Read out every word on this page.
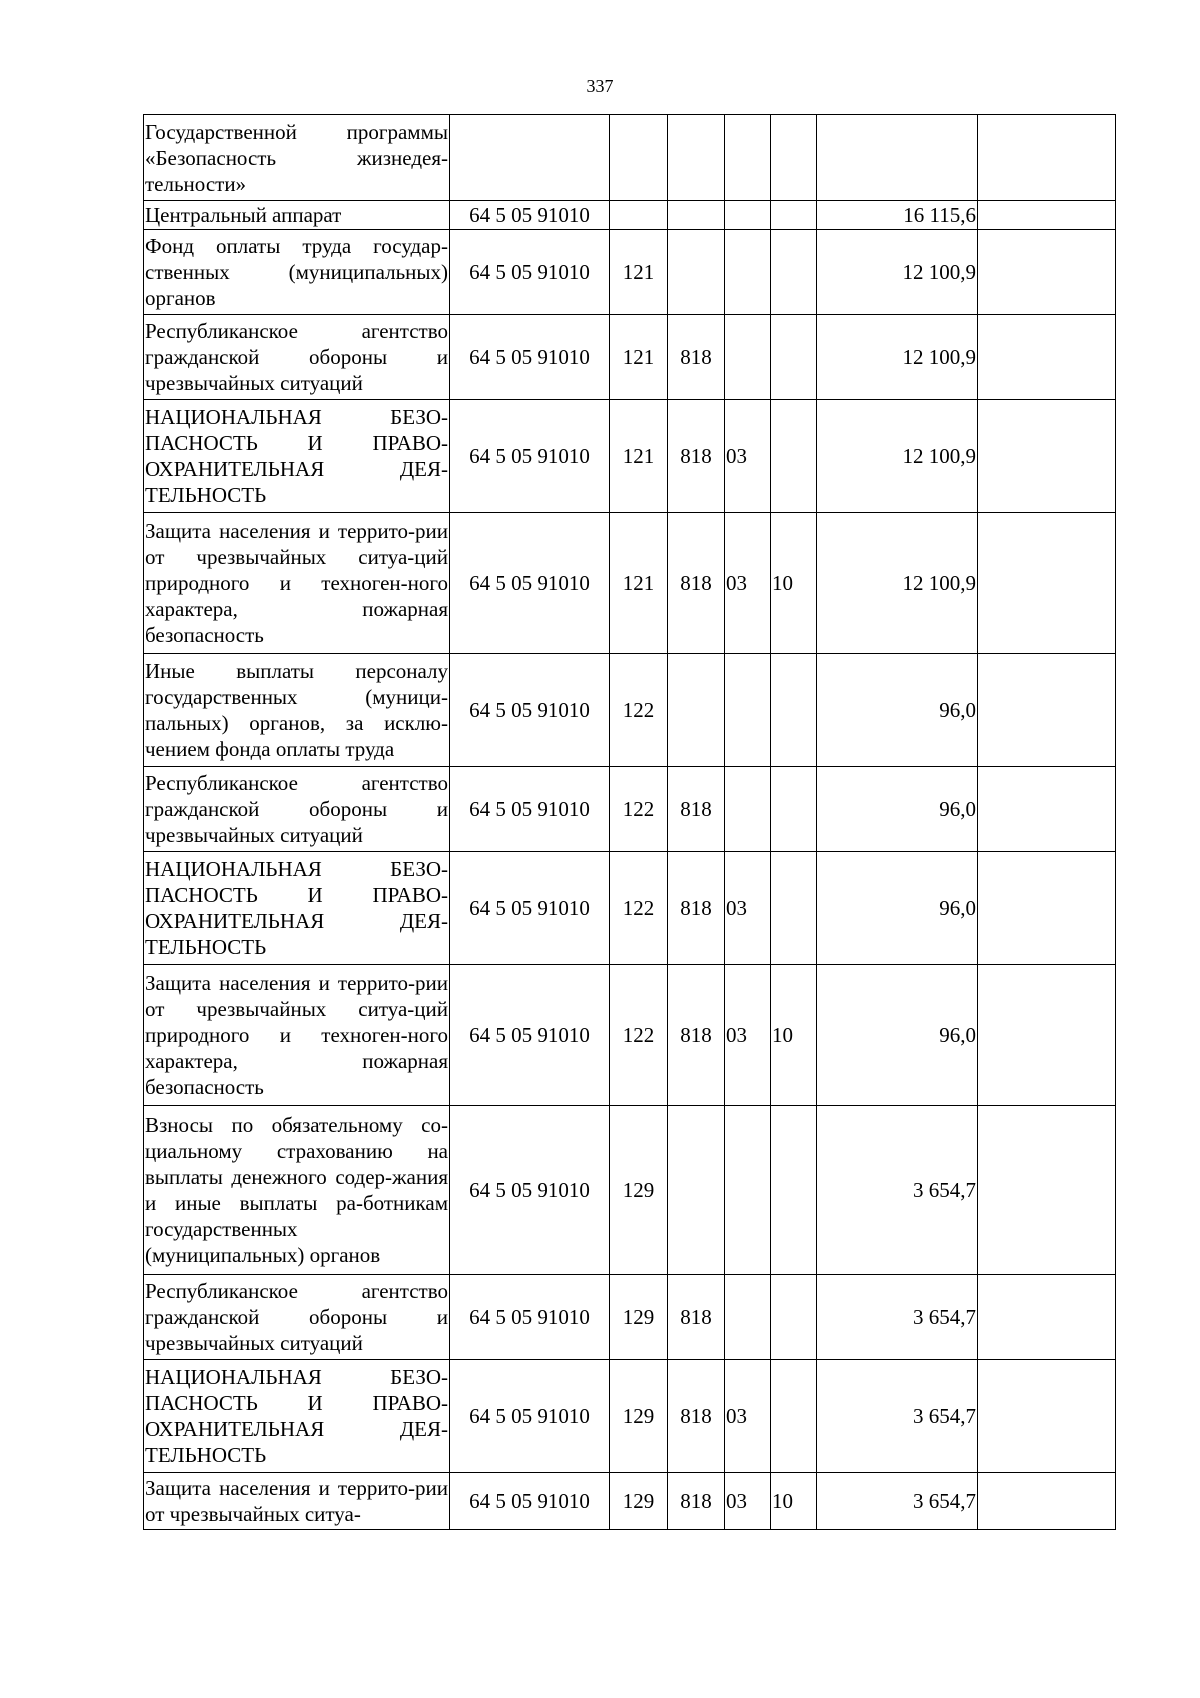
337
Государственной программы «Безопасность жизнедея-тельности»							
Центральный аппарат	64 5 05 91010					16 115,6	
Фонд оплаты труда государ-ственных (муниципальных) органов	64 5 05 91010	121				12 100,9	
Республиканское агентство гражданской обороны и чрезвычайных ситуаций	64 5 05 91010	121	818			12 100,9	
НАЦИОНАЛЬНАЯ БЕЗО-ПАСНОСТЬ И ПРАВО-ОХРАНИТЕЛЬНАЯ ДЕЯ-ТЕЛЬНОСТЬ	64 5 05 91010	121	818	03		12 100,9	
Защита населения и террито-рии от чрезвычайных ситуа-ций природного и техноген-ного характера, пожарная безопасность	64 5 05 91010	121	818	03	10	12 100,9	
Иные выплаты персоналу государственных (муници-пальных) органов, за исклю-чением фонда оплаты труда	64 5 05 91010	122				96,0	
Республиканское агентство гражданской обороны и чрезвычайных ситуаций	64 5 05 91010	122	818			96,0	
НАЦИОНАЛЬНАЯ БЕЗО-ПАСНОСТЬ И ПРАВО-ОХРАНИТЕЛЬНАЯ ДЕЯ-ТЕЛЬНОСТЬ	64 5 05 91010	122	818	03		96,0	
Защита населения и террито-рии от чрезвычайных ситуа-ций природного и техноген-ного характера, пожарная безопасность	64 5 05 91010	122	818	03	10	96,0	
Взносы по обязательному со-циальному страхованию на выплаты денежного содер-жания и иные выплаты ра-ботникам государственных (муниципальных) органов	64 5 05 91010	129				3 654,7	
Республиканское агентство гражданской обороны и чрезвычайных ситуаций	64 5 05 91010	129	818			3 654,7	
НАЦИОНАЛЬНАЯ БЕЗО-ПАСНОСТЬ И ПРАВО-ОХРАНИТЕЛЬНАЯ ДЕЯ-ТЕЛЬНОСТЬ	64 5 05 91010	129	818	03		3 654,7	
Защита населения и террито-рии от чрезвычайных ситуа-	64 5 05 91010	129	818	03	10	3 654,7	
